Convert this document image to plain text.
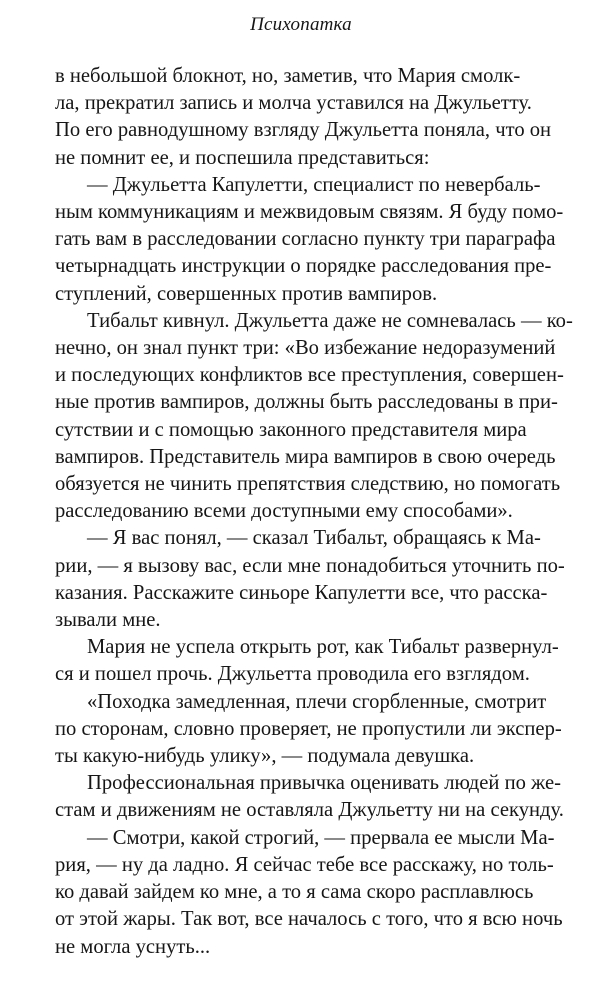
Психопатка
в небольшой блокнот, но, заметив, что Мария смолк-
ла, прекратил запись и молча уставился на Джульетту.
По его равнодушному взгляду Джульетта поняла, что он
не помнит ее, и поспешила представиться:
— Джульетта Капулетти, специалист по невербаль-
ным коммуникациям и межвидовым связям. Я буду помо-
гать вам в расследовании согласно пункту три параграфа
четырнадцать инструкции о порядке расследования пре-
ступлений, совершенных против вампиров.
Тибальт кивнул. Джульетта даже не сомневалась — ко-
нечно, он знал пункт три: «Во избежание недоразумений
и последующих конфликтов все преступления, совершен-
ные против вампиров, должны быть расследованы в при-
сутствии и с помощью законного представителя мира
вампиров. Представитель мира вампиров в свою очередь
обязуется не чинить препятствия следствию, но помогать
расследованию всеми доступными ему способами».
— Я вас понял, — сказал Тибальт, обращаясь к Ма-
рии, — я вызову вас, если мне понадобиться уточнить по-
казания. Расскажите синьоре Капулетти все, что расска-
зывали мне.
Мария не успела открыть рот, как Тибальт развернул-
ся и пошел прочь. Джульетта проводила его взглядом.
«Походка замедленная, плечи сгорбленные, смотрит
по сторонам, словно проверяет, не пропустили ли экспер-
ты какую-нибудь улику», — подумала девушка.
Профессиональная привычка оценивать людей по же-
стам и движениям не оставляла Джульетту ни на секунду.
— Смотри, какой строгий, — прервала ее мысли Ма-
рия, — ну да ладно. Я сейчас тебе все расскажу, но толь-
ко давай зайдем ко мне, а то я сама скоро расплавлюсь
от этой жары. Так вот, все началось с того, что я всю ночь
не могла уснуть...
